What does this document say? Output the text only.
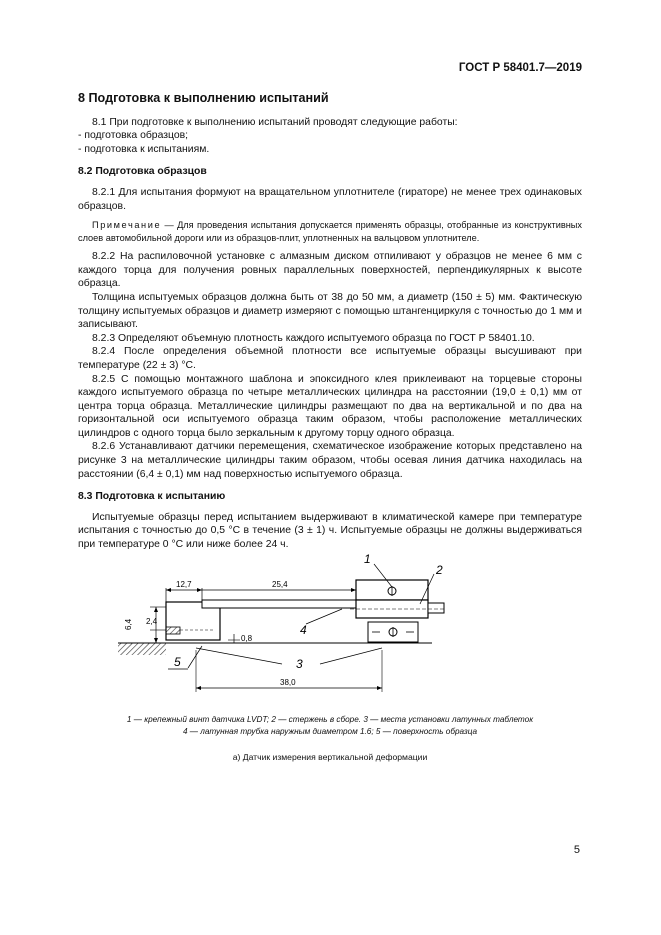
ГОСТ Р 58401.7—2019
8 Подготовка к выполнению испытаний

8.1 При подготовке к выполнению испытаний проводят следующие работы:

- подготовка образцов;
- подготовка к испытаниям.
8.2 Подготовка образцов

8.2.1 Для испытания формуют на вращательном уплотнителе (гираторе) не менее трех одинаковых образцов.

Примечание — Для проведения испытания допускается применять образцы, отобранные из конструктивных слоев автомобильной дороги или из образцов-плит, уплотненных на вальцовом уплотнителе.

8.2.2 На распиловочной установке с алмазным диском отпиливают у образцов не менее 6 мм с каждого торца для получения ровных параллельных поверхностей, перпендикулярных к высоте образца.

Толщина испытуемых образцов должна быть от 38 до 50 мм, а диаметр (150 ± 5) мм. Фактическую толщину испытуемых образцов и диаметр измеряют с помощью штангенциркуля с точностью до 1 мм и записывают.

8.2.3 Определяют объемную плотность каждого испытуемого образца по ГОСТ Р 58401.10.

8.2.4 После определения объемной плотности все испытуемые образцы высушивают при температуре (22 ± 3) °С.

8.2.5 С помощью монтажного шаблона и эпоксидного клея приклеивают на торцевые стороны каждого испытуемого образца по четыре металлических цилиндра на расстоянии (19,0 ± 0,1) мм от центра торца образца. Металлические цилиндры размещают по два на вертикальной и по два на горизонтальной оси испытуемого образца таким образом, чтобы расположение металлических цилиндров с одного торца было зеркальным к другому торцу одного образца.

8.2.6 Устанавливают датчики перемещения, схематическое изображение которых представлено на рисунке 3 на металлические цилиндры таким образом, чтобы осевая линия датчика находилась на расстоянии (6,4 ± 0,1) мм над поверхностью испытуемого образца.

8.3 Подготовка к испытанию

Испытуемые образцы перед испытанием выдерживают в климатической камере при температуре испытания с точностью до 0,5 °С в течение (3 ± 1) ч. Испытуемые образцы не должны выдерживаться при температуре 0 °С или ниже более 24 ч.

12,7	25,4
6,4 2,4
0,8
38,0
3
1
2
4
5
1 — крепежный винт датчика LVDT; 2 — стержень в сборе. 3 — места установки латунных таблеток
4 — латунная трубка наружным диаметром 1.6; 5 — поверхность образца
а) Датчик измерения вертикальной деформации
5
